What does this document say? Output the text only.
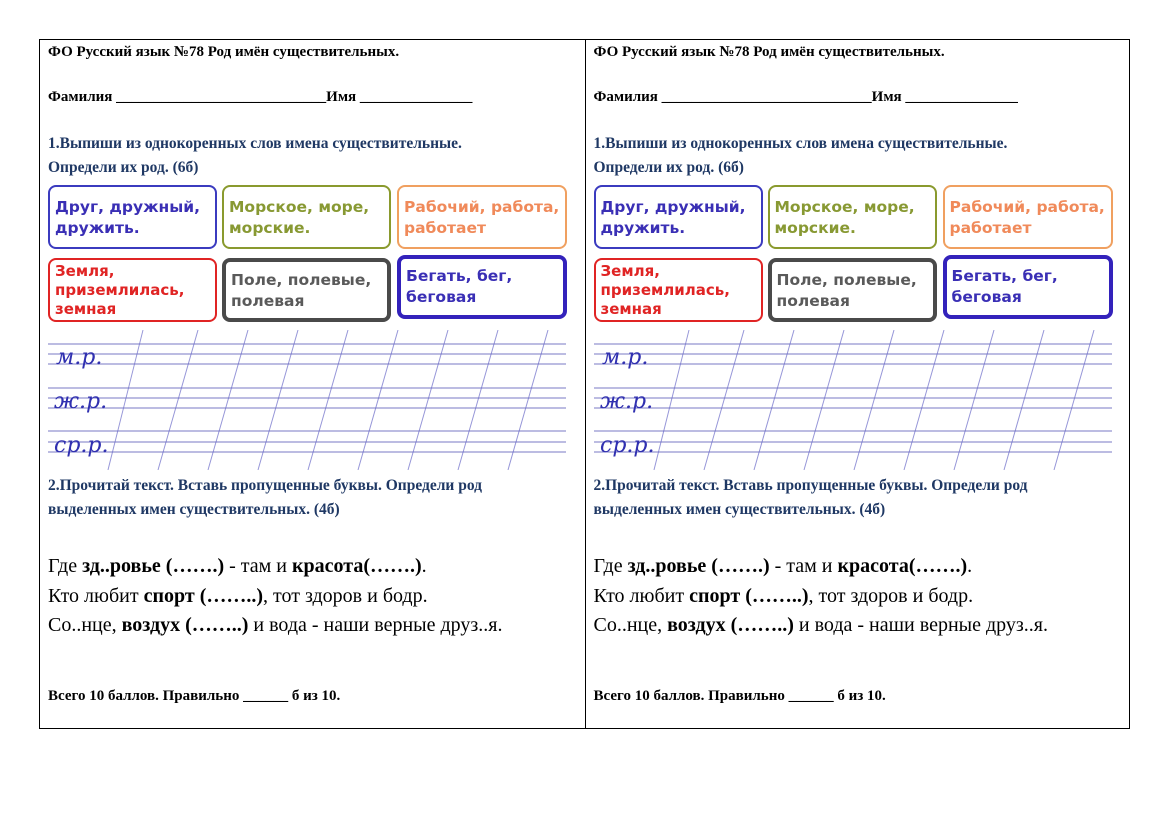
ФО Русский язык №78 Род имён существительных.
Фамилия ____________________________Имя _______________
1.Выпиши из однокоренных слов имена существительные.
Определи их род. (6б)
Друг, дружный,
дружить.
Морское, море,
морские.
Рабочий, работа,
работает
Земля,
приземлилась,
земная
Поле, полевые,
полевая
Бегать, бег,
беговая
м.р.
ж.р.
ср.р.
2.Прочитай текст. Вставь пропущенные буквы. Определи род
выделенных имен существительных. (4б)
Где зд..ровье (…….) - там и красота(…….).
Кто любит спорт (……..), тот здоров и бодр.
Со..нце, воздух (……..) и вода - наши верные друз..я.
Всего 10 баллов. Правильно ______ б из 10.
ФО Русский язык №78 Род имён существительных.
Фамилия ____________________________Имя _______________
1.Выпиши из однокоренных слов имена существительные.
Определи их род. (6б)
Друг, дружный,
дружить.
Морское, море,
морские.
Рабочий, работа,
работает
Земля,
приземлилась,
земная
Поле, полевые,
полевая
Бегать, бег,
беговая
м.р.
ж.р.
ср.р.
2.Прочитай текст. Вставь пропущенные буквы. Определи род
выделенных имен существительных. (4б)
Где зд..ровье (…….) - там и красота(…….).
Кто любит спорт (……..), тот здоров и бодр.
Со..нце, воздух (……..) и вода - наши верные друз..я.
Всего 10 баллов. Правильно ______ б из 10.
